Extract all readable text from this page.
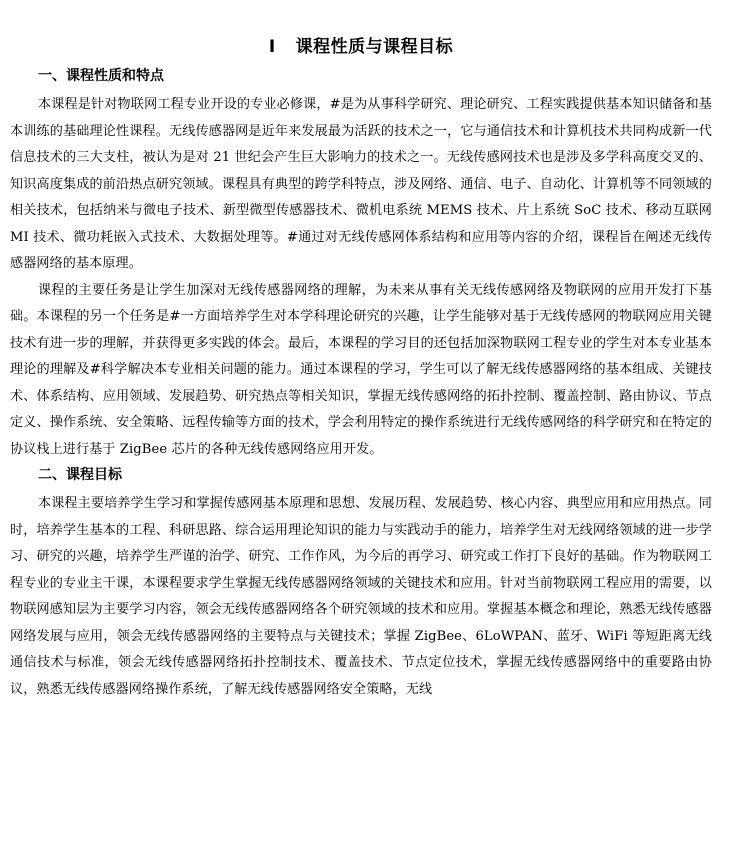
I 课程性质与课程目标
一、课程性质和特点

本课程是针对物联网工程专业开设的专业必修课，#是为从事科学研究、理论研究、工程实践提供基本知识储备和基本训练的基础理论性课程。无线传感器网是近年来发展最为活跃的技术之一，它与通信技术和计算机技术共同构成新一代信息技术的三大支柱，被认为是对 21 世纪会产生巨大影响力的技术之一。无线传感网技术也是涉及多学科高度交叉的、知识高度集成的前沿热点研究领域。课程具有典型的跨学科特点，涉及网络、通信、电子、自动化、计算机等不同领域的相关技术，包括纳米与微电子技术、新型微型传感器技术、微机电系统 MEMS 技术、片上系统 SoC 技术、移动互联网 MI 技术、微功耗嵌入式技术、大数据处理等。#通过对无线传感网体系结构和应用等内容的介绍，课程旨在阐述无线传感器网络的基本原理。

课程的主要任务是让学生加深对无线传感器网络的理解，为未来从事有关无线传感网络及物联网的应用开发打下基础。本课程的另一个任务是#一方面培养学生对本学科理论研究的兴趣，让学生能够对基于无线传感网的物联网应用关键技术有进一步的理解，并获得更多实践的体会。最后，本课程的学习目的还包括加深物联网工程专业的学生对本专业基本理论的理解及#科学解决本专业相关问题的能力。通过本课程的学习，学生可以了解无线传感器网络的基本组成、关键技术、体系结构、应用领域、发展趋势、研究热点等相关知识，掌握无线传感网络的拓扑控制、覆盖控制、路由协议、节点定义、操作系统、安全策略、远程传输等方面的技术，学会利用特定的操作系统进行无线传感网络的科学研究和在特定的协议栈上进行基于 ZigBee 芯片的各种无线传感网络应用开发。

二、课程目标

本课程主要培养学生学习和掌握传感网基本原理和思想、发展历程、发展趋势、核心内容、典型应用和应用热点。同时，培养学生基本的工程、科研思路、综合运用理论知识的能力与实践动手的能力，培养学生对无线网络领域的进一步学习、研究的兴趣，培养学生严谨的治学、研究、工作作风，为今后的再学习、研究或工作打下良好的基础。作为物联网工程专业的专业主干课，本课程要求学生掌握无线传感器网络领域的关键技术和应用。针对当前物联网工程应用的需要，以物联网感知层为主要学习内容，领会无线传感器网络各个研究领域的技术和应用。掌握基本概念和理论，熟悉无线传感器网络发展与应用，领会无线传感器网络的主要特点与关键技术；掌握 ZigBee、6LoWPAN、蓝牙、WiFi 等短距离无线通信技术与标准，领会无线传感器网络拓扑控制技术、覆盖技术、节点定位技术，掌握无线传感器网络中的重要路由协议，熟悉无线传感器网络操作系统，了解无线传感器网络安全策略，无线
